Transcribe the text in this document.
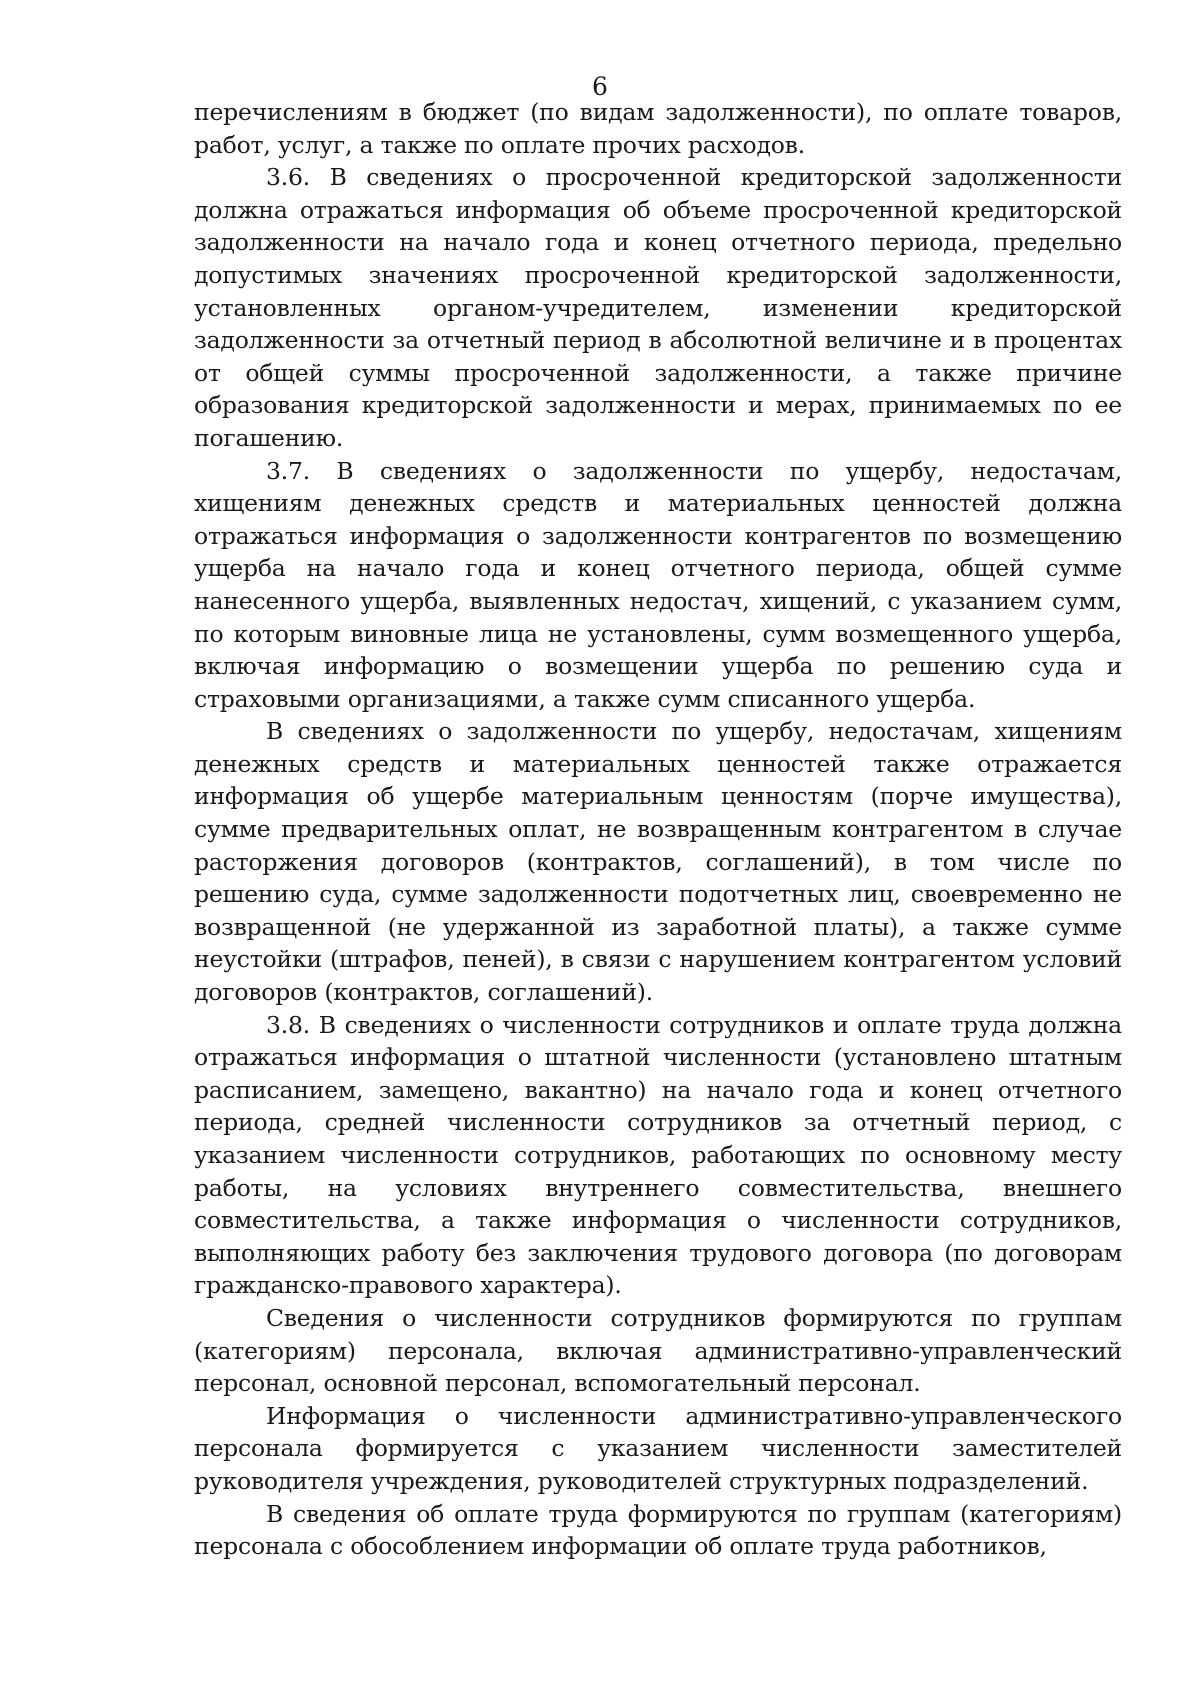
6

перечислениям в бюджет (по видам задолженности), по оплате товаров, работ, услуг, а также по оплате прочих расходов.

3.6. В сведениях о просроченной кредиторской задолженности должна отражаться информация об объеме просроченной кредиторской задолженности на начало года и конец отчетного периода, предельно допустимых значениях просроченной кредиторской задолженности, установленных органом-учредителем, изменении кредиторской задолженности за отчетный период в абсолютной величине и в процентах от общей суммы просроченной задолженности, а также причине образования кредиторской задолженности и мерах, принимаемых по ее погашению.

3.7. В сведениях о задолженности по ущербу, недостачам, хищениям денежных средств и материальных ценностей должна отражаться информация о задолженности контрагентов по возмещению ущерба на начало года и конец отчетного периода, общей сумме нанесенного ущерба, выявленных недостач, хищений, с указанием сумм, по которым виновные лица не установлены, сумм возмещенного ущерба, включая информацию о возмещении ущерба по решению суда и страховыми организациями, а также сумм списанного ущерба.

В сведениях о задолженности по ущербу, недостачам, хищениям денежных средств и материальных ценностей также отражается информация об ущербе материальным ценностям (порче имущества), сумме предварительных оплат, не возвращенным контрагентом в случае расторжения договоров (контрактов, соглашений), в том числе по решению суда, сумме задолженности подотчетных лиц, своевременно не возвращенной (не удержанной из заработной платы), а также сумме неустойки (штрафов, пеней), в связи с нарушением контрагентом условий договоров (контрактов, соглашений).

3.8. В сведениях о численности сотрудников и оплате труда должна отражаться информация о штатной численности (установлено штатным расписанием, замещено, вакантно) на начало года и конец отчетного периода, средней численности сотрудников за отчетный период, с указанием численности сотрудников, работающих по основному месту работы, на условиях внутреннего совместительства, внешнего совместительства, а также информация о численности сотрудников, выполняющих работу без заключения трудового договора (по договорам гражданско-правового характера).

Сведения о численности сотрудников формируются по группам (категориям) персонала, включая административно-управленческий персонал, основной персонал, вспомогательный персонал.

Информация о численности административно-управленческого персонала формируется с указанием численности заместителей руководителя учреждения, руководителей структурных подразделений.

В сведения об оплате труда формируются по группам (категориям) персонала с обособлением информации об оплате труда работников,
